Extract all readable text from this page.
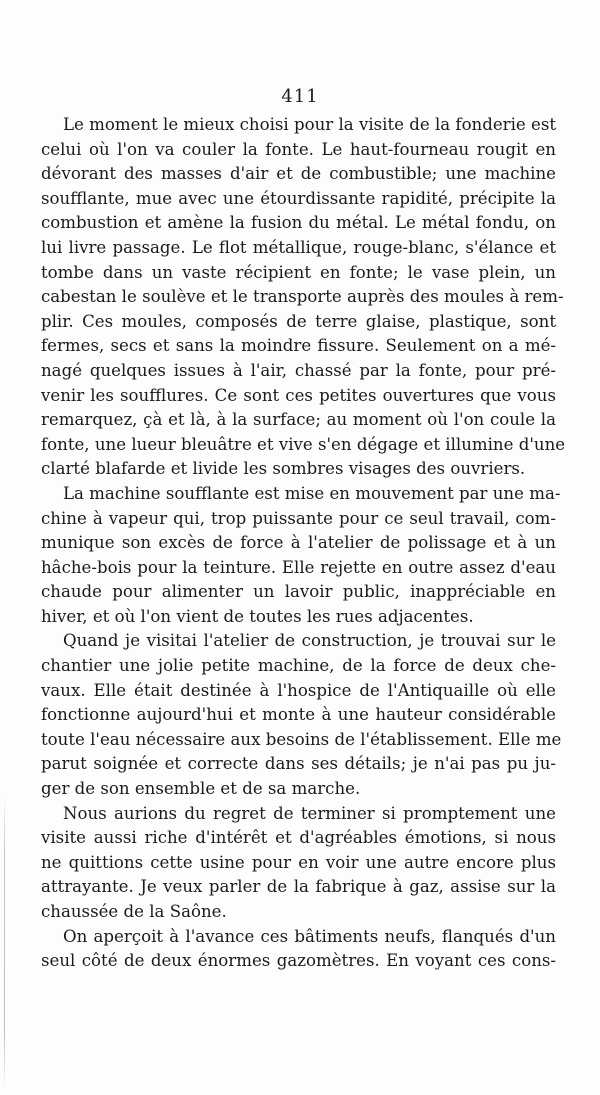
411
Le moment le mieux choisi pour la visite de la fonderie est
celui où l'on va couler la fonte. Le haut-fourneau rougit en
dévorant des masses d'air et de combustible; une machine
soufflante, mue avec une étourdissante rapidité, précipite la
combustion et amène la fusion du métal. Le métal fondu, on
lui livre passage. Le flot métallique, rouge-blanc, s'élance et
tombe dans un vaste récipient en fonte; le vase plein, un
cabestan le soulève et le transporte auprès des moules à rem-
plir. Ces moules, composés de terre glaise, plastique, sont
fermes, secs et sans la moindre fissure. Seulement on a mé-
nagé quelques issues à l'air, chassé par la fonte, pour pré-
venir les soufflures. Ce sont ces petites ouvertures que vous
remarquez, çà et là, à la surface; au moment où l'on coule la
fonte, une lueur bleuâtre et vive s'en dégage et illumine d'une
clarté blafarde et livide les sombres visages des ouvriers.
La machine soufflante est mise en mouvement par une ma-
chine à vapeur qui, trop puissante pour ce seul travail, com-
munique son excès de force à l'atelier de polissage et à un
hâche-bois pour la teinture. Elle rejette en outre assez d'eau
chaude pour alimenter un lavoir public, inappréciable en
hiver, et où l'on vient de toutes les rues adjacentes.
Quand je visitai l'atelier de construction, je trouvai sur le
chantier une jolie petite machine, de la force de deux che-
vaux. Elle était destinée à l'hospice de l'Antiquaille où elle
fonctionne aujourd'hui et monte à une hauteur considérable
toute l'eau nécessaire aux besoins de l'établissement. Elle me
parut soignée et correcte dans ses détails; je n'ai pas pu ju-
ger de son ensemble et de sa marche.
Nous aurions du regret de terminer si promptement une
visite aussi riche d'intérêt et d'agréables émotions, si nous
ne quittions cette usine pour en voir une autre encore plus
attrayante. Je veux parler de la fabrique à gaz, assise sur la
chaussée de la Saône.
On aperçoit à l'avance ces bâtiments neufs, flanqués d'un
seul côté de deux énormes gazomètres. En voyant ces cons-
